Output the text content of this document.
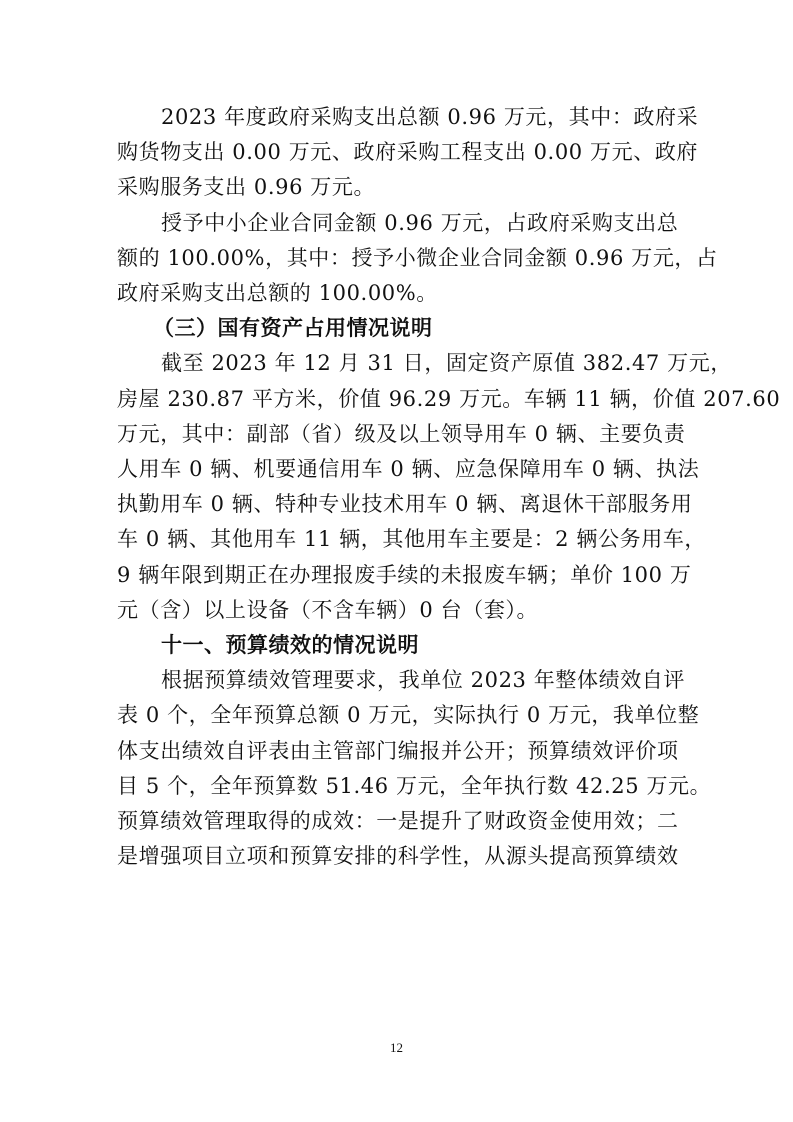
2023 年度政府采购支出总额 0.96 万元，其中：政府采
购货物支出 0.00 万元、政府采购工程支出 0.00 万元、政府
采购服务支出 0.96 万元。
授予中小企业合同金额 0.96 万元，占政府采购支出总
额的 100.00%，其中：授予小微企业合同金额 0.96 万元，占
政府采购支出总额的 100.00%。
（三）国有资产占用情况说明
截至 2023 年 12 月 31 日，固定资产原值 382.47 万元，
房屋 230.87 平方米，价值 96.29 万元。车辆 11 辆，价值 207.60
万元，其中：副部（省）级及以上领导用车 0 辆、主要负责
人用车 0 辆、机要通信用车 0 辆、应急保障用车 0 辆、执法
执勤用车 0 辆、特种专业技术用车 0 辆、离退休干部服务用
车 0 辆、其他用车 11 辆，其他用车主要是：2 辆公务用车，
9 辆年限到期正在办理报废手续的未报废车辆；单价 100 万
元（含）以上设备（不含车辆）0 台（套）。
十一、预算绩效的情况说明
根据预算绩效管理要求，我单位 2023 年整体绩效自评
表 0 个，全年预算总额 0 万元，实际执行 0 万元，我单位整
体支出绩效自评表由主管部门编报并公开；预算绩效评价项
目 5 个，全年预算数 51.46 万元，全年执行数 42.25 万元。
预算绩效管理取得的成效：一是提升了财政资金使用效；二
是增强项目立项和预算安排的科学性，从源头提高预算绩效
12
